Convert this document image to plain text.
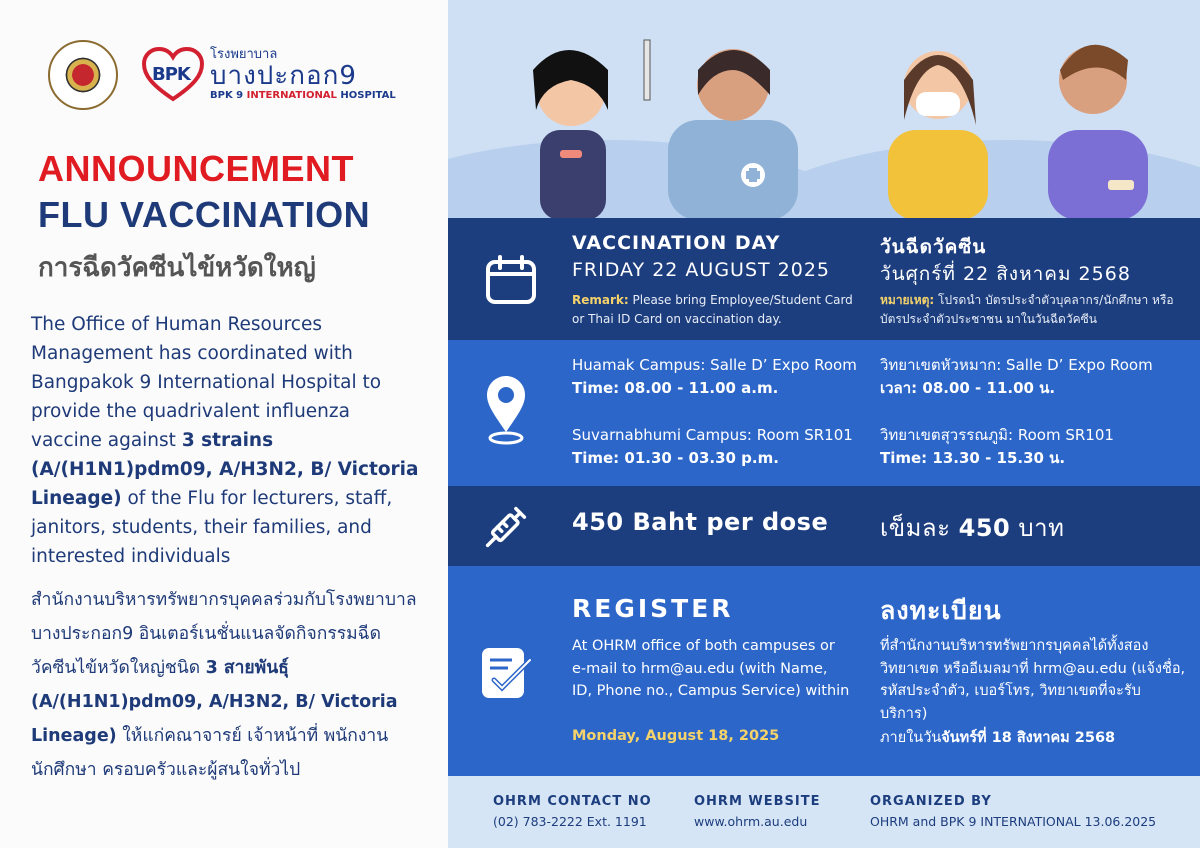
BPK
โรงพยาบาล
บางปะกอก9
BPK 9 INTERNATIONAL HOSPITAL
ANNOUNCEMENT
FLU VACCINATION
การฉีดวัคซีนไข้หวัดใหญ่
The Office of Human Resources Management has coordinated with Bangpakok 9 International Hospital to provide the quadrivalent influenza vaccine against 3 strains (A/(H1N1)pdm09, A/H3N2, B/ Victoria Lineage) of the Flu for lecturers, staff, janitors, students, their families, and interested individuals
สำนักงานบริหารทรัพยากรบุคคลร่วมกับโรงพยาบาลบางประกอก9 อินเตอร์เนชั่นแนลจัดกิจกรรมฉีดวัคซีนไข้หวัดใหญ่ชนิด 3 สายพันธุ์ (A/(H1N1)pdm09, A/H3N2, B/ Victoria Lineage) ให้แก่คณาจารย์ เจ้าหน้าที่ พนักงาน นักศึกษา ครอบครัวและผู้สนใจทั่วไป
VACCINATION DAY
FRIDAY 22 AUGUST 2025
Remark: Please bring Employee/Student Card or Thai ID Card on vaccination day.
วันฉีดวัคซีน
วันศุกร์ที่ 22 สิงหาคม 2568
หมายเหตุ: โปรดนำ บัตรประจำตัวบุคลากร/นักศึกษา หรือ บัตรประจำตัวประชาชน มาในวันฉีดวัคซีน
Huamak Campus: Salle D’ Expo Room
Time: 08.00 - 11.00 a.m.
Suvarnabhumi Campus: Room SR101
Time: 01.30 - 03.30 p.m.
วิทยาเขตหัวหมาก: Salle D’ Expo Room
เวลา: 08.00 - 11.00 น.
วิทยาเขตสุวรรณภูมิ: Room SR101
Time: 13.30 - 15.30 น.
450 Baht per dose เข็มละ 450 บาท
REGISTER
At OHRM office of both campuses or e-mail to hrm@au.edu (with Name, ID, Phone no., Campus Service) within
Monday, August 18, 2025
ลงทะเบียน
ที่สำนักงานบริหารทรัพยากรบุคคลได้ทั้งสองวิทยาเขต หรืออีเมลมาที่ hrm@au.edu (แจ้งชื่อ, รหัสประจำตัว, เบอร์โทร, วิทยาเขตที่จะรับบริการ)
ภายในวันจันทร์ที่ 18 สิงหาคม 2568
OHRM CONTACT NO
(02) 783-2222 Ext. 1191
OHRM WEBSITE
www.ohrm.au.edu
ORGANIZED BY
OHRM and BPK 9 INTERNATIONAL 13.06.2025
